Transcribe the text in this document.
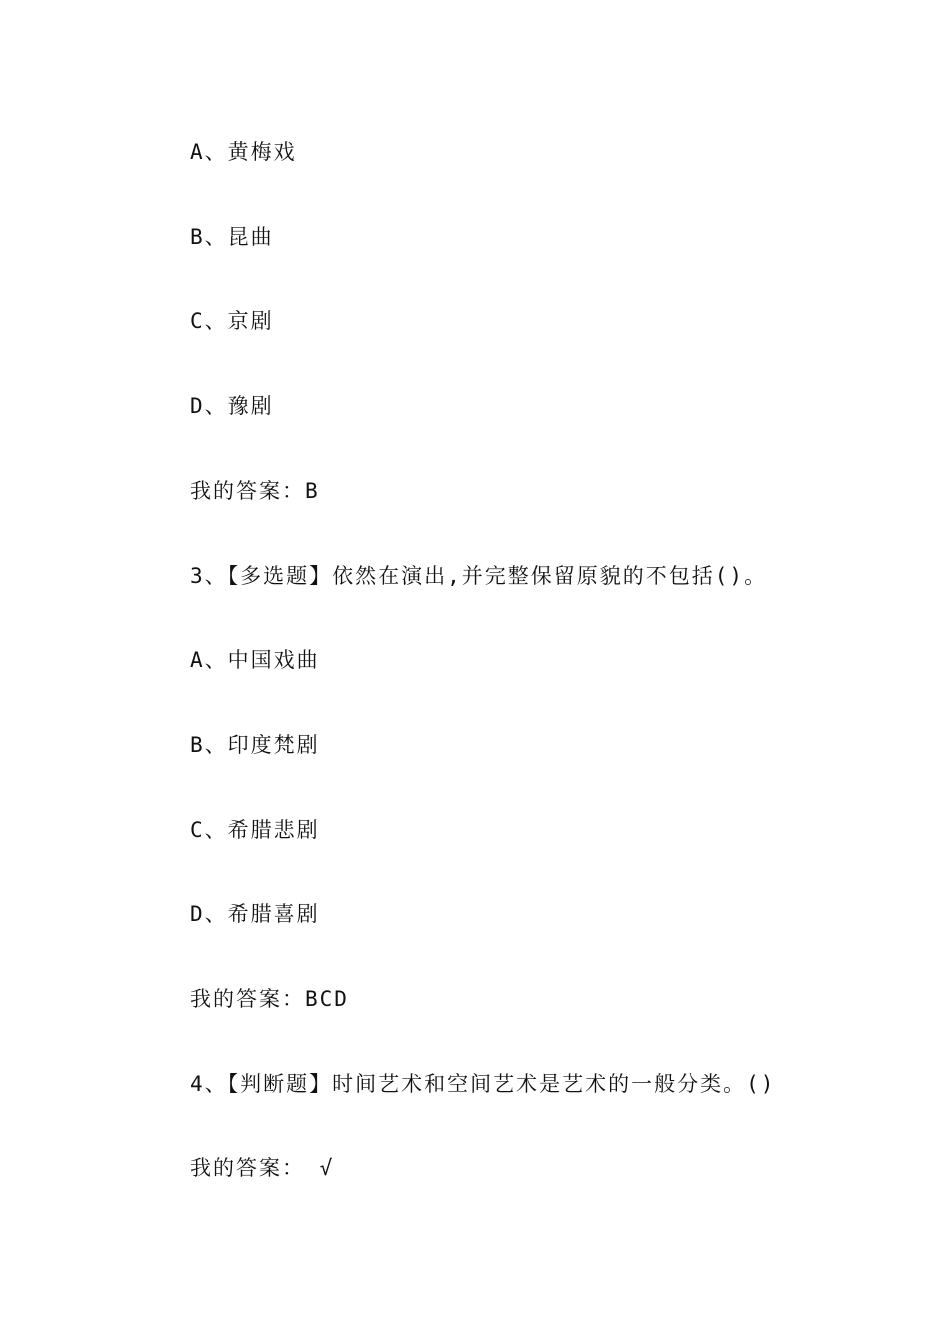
A、黄梅戏
B、昆曲
C、京剧
D、豫剧
我的答案：B
3、【多选题】依然在演出,并完整保留原貌的不包括()。
A、中国戏曲
B、印度梵剧
C、希腊悲剧
D、希腊喜剧
我的答案：BCD
4、【判断题】时间艺术和空间艺术是艺术的一般分类。()
我的答案： √
